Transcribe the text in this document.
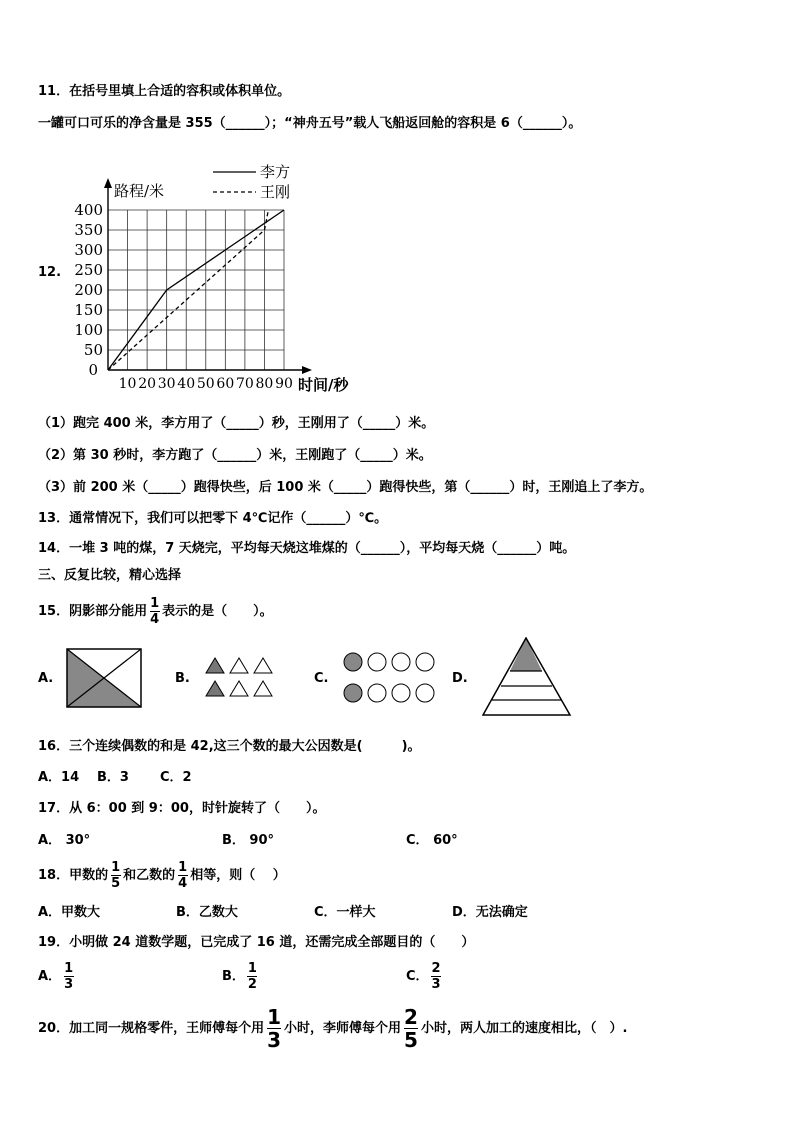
11．在括号里填上合适的容积或体积单位。
一罐可口可乐的净含量是 355（______）；“神舟五号”载人飞船返回舱的容积是 6（______）。
12.
50
100
150
200
250
300
350
400
10 20 30 40 50 60 70 80 90
0
路程/米
时间/秒
李方
王刚
（1）跑完 400 米，李方用了（_____）秒，王刚用了（_____）米。
（2）第 30 秒时，李方跑了（______）米，王刚跑了（_____）米。
（3）前 200 米（_____）跑得快些，后 100 米（_____）跑得快些，第（______）时，王刚追上了李方。
13．通常情况下，我们可以把零下 4℃记作（______）℃。
14．一堆 3 吨的煤，7 天烧完，平均每天烧这堆煤的（______），平均每天烧（______）吨。
三、反复比较，精心选择
15．阴影部分能用 $\frac{1}{4}$ 表示的是（　　）。
A.	B.	C.	D.
16．三个连续偶数的和是 42,这三个数的最大公因数是(　　　)。
A．14 B．3 C．2
17．从 6：00 到 9：00，时针旋转了（　　）。
A． 30°	B． 90°	C． 60°
18．甲数的 $\frac{1}{5}$ 和乙数的 $\frac{1}{4}$ 相等，则（　 ）
A．甲数大	B．乙数大	C．一样大	D．无法确定
19．小明做 24 道数学题，已完成了 16 道，还需完成全部题目的（　　）
A． $\frac{1}{3}$	B． $\frac{1}{2}$	C． $\frac{2}{3}$
20．加工同一规格零件，王师傅每个用 $\frac{1}{3}$ 小时，李师傅每个用 $\frac{2}{5}$ 小时，两人加工的速度相比，（　）.
